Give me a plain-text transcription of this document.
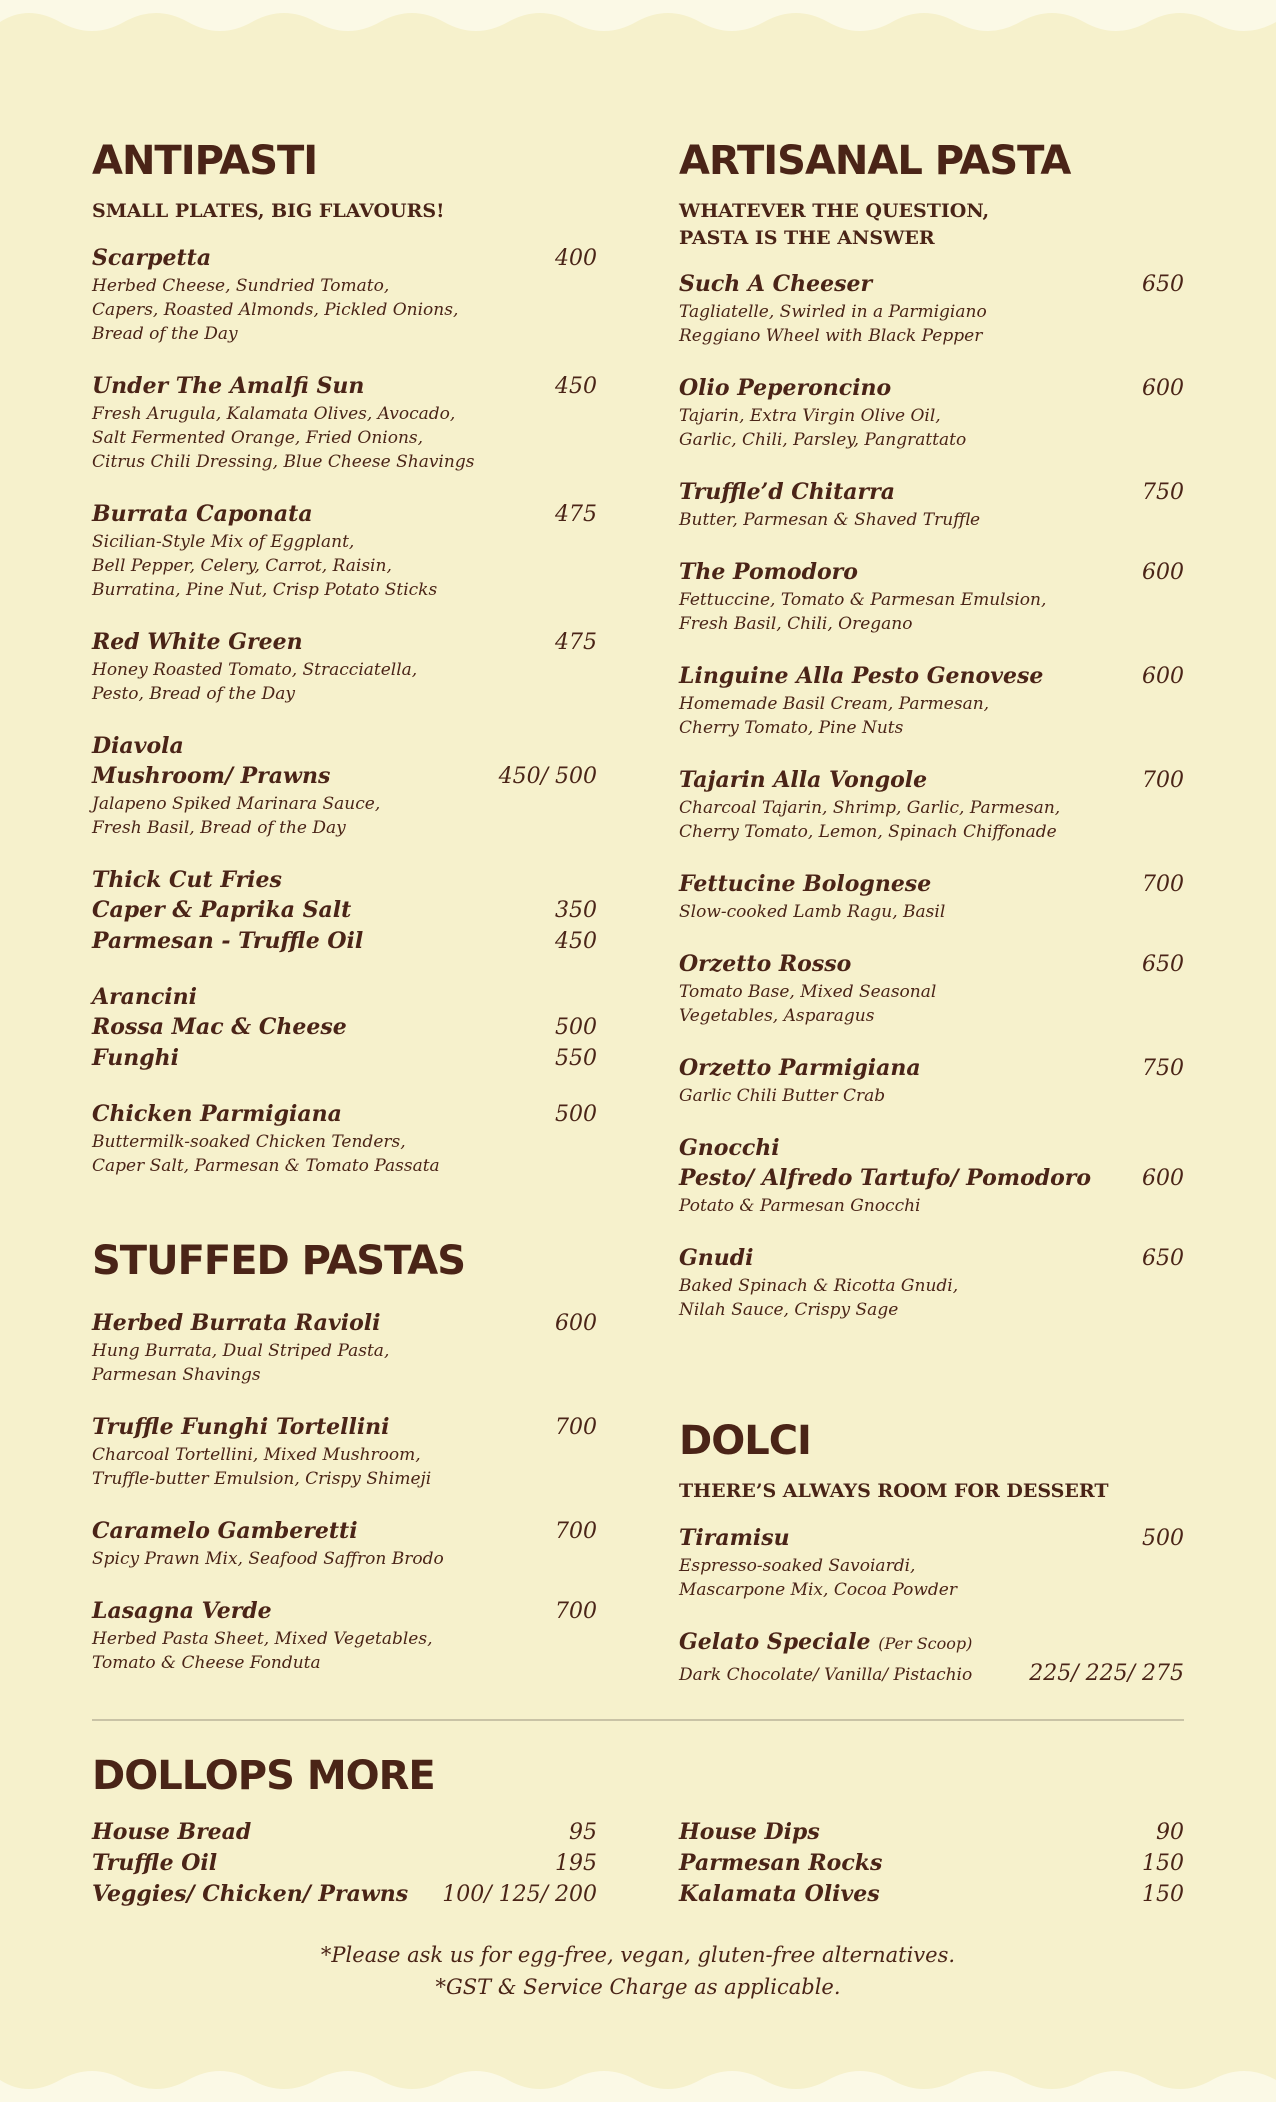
ANTIPASTI
SMALL PLATES, BIG FLAVOURS!
Scarpetta	400
Herbed Cheese, Sundried Tomato,
Capers, Roasted Almonds, Pickled Onions,
Bread of the Day
Under The Amalfi Sun	450
Fresh Arugula, Kalamata Olives, Avocado,
Salt Fermented Orange, Fried Onions,
Citrus Chili Dressing, Blue Cheese Shavings
Burrata Caponata	475
Sicilian-Style Mix of Eggplant,
Bell Pepper, Celery, Carrot, Raisin,
Burratina, Pine Nut, Crisp Potato Sticks
Red White Green	475
Honey Roasted Tomato, Stracciatella,
Pesto, Bread of the Day
Diavola
Mushroom/ Prawns	450/ 500
Jalapeno Spiked Marinara Sauce,
Fresh Basil, Bread of the Day
Thick Cut Fries
Caper & Paprika Salt	350
Parmesan - Truffle Oil	450
Arancini
Rossa Mac & Cheese	500
Funghi	550
Chicken Parmigiana	500
Buttermilk-soaked Chicken Tenders,
Caper Salt, Parmesan & Tomato Passata
STUFFED PASTAS
Herbed Burrata Ravioli	600
Hung Burrata, Dual Striped Pasta,
Parmesan Shavings
Truffle Funghi Tortellini	700
Charcoal Tortellini, Mixed Mushroom,
Truffle-butter Emulsion, Crispy Shimeji
Caramelo Gamberetti	700
Spicy Prawn Mix, Seafood Saffron Brodo
Lasagna Verde	700
Herbed Pasta Sheet, Mixed Vegetables,
Tomato & Cheese Fonduta
ARTISANAL PASTA
WHATEVER THE QUESTION,
PASTA IS THE ANSWER
Such A Cheeser	650
Tagliatelle, Swirled in a Parmigiano
Reggiano Wheel with Black Pepper
Olio Peperoncino	600
Tajarin, Extra Virgin Olive Oil,
Garlic, Chili, Parsley, Pangrattato
Truffle’d Chitarra	750
Butter, Parmesan & Shaved Truffle
The Pomodoro	600
Fettuccine, Tomato & Parmesan Emulsion,
Fresh Basil, Chili, Oregano
Linguine Alla Pesto Genovese	600
Homemade Basil Cream, Parmesan,
Cherry Tomato, Pine Nuts
Tajarin Alla Vongole	700
Charcoal Tajarin, Shrimp, Garlic, Parmesan,
Cherry Tomato, Lemon, Spinach Chiffonade
Fettucine Bolognese	700
Slow-cooked Lamb Ragu, Basil
Orzetto Rosso	650
Tomato Base, Mixed Seasonal
Vegetables, Asparagus
Orzetto Parmigiana	750
Garlic Chili Butter Crab
Gnocchi
Pesto/ Alfredo Tartufo/ Pomodoro 600
Potato & Parmesan Gnocchi
Gnudi	650
Baked Spinach & Ricotta Gnudi,
Nilah Sauce, Crispy Sage
DOLCI
THERE’S ALWAYS ROOM FOR DESSERT
Tiramisu	500
Espresso-soaked Savoiardi,
Mascarpone Mix, Cocoa Powder
Gelato Speciale (Per Scoop)
Dark Chocolate/ Vanilla/ Pistachio	225/ 225/ 275
DOLLOPS MORE
House Bread	95
Truffle Oil	195
Veggies/ Chicken/ Prawns 100/ 125/ 200
House Dips	90
Parmesan Rocks	150
Kalamata Olives	150
*Please ask us for egg-free, vegan, gluten-free alternatives.
*GST & Service Charge as applicable.
